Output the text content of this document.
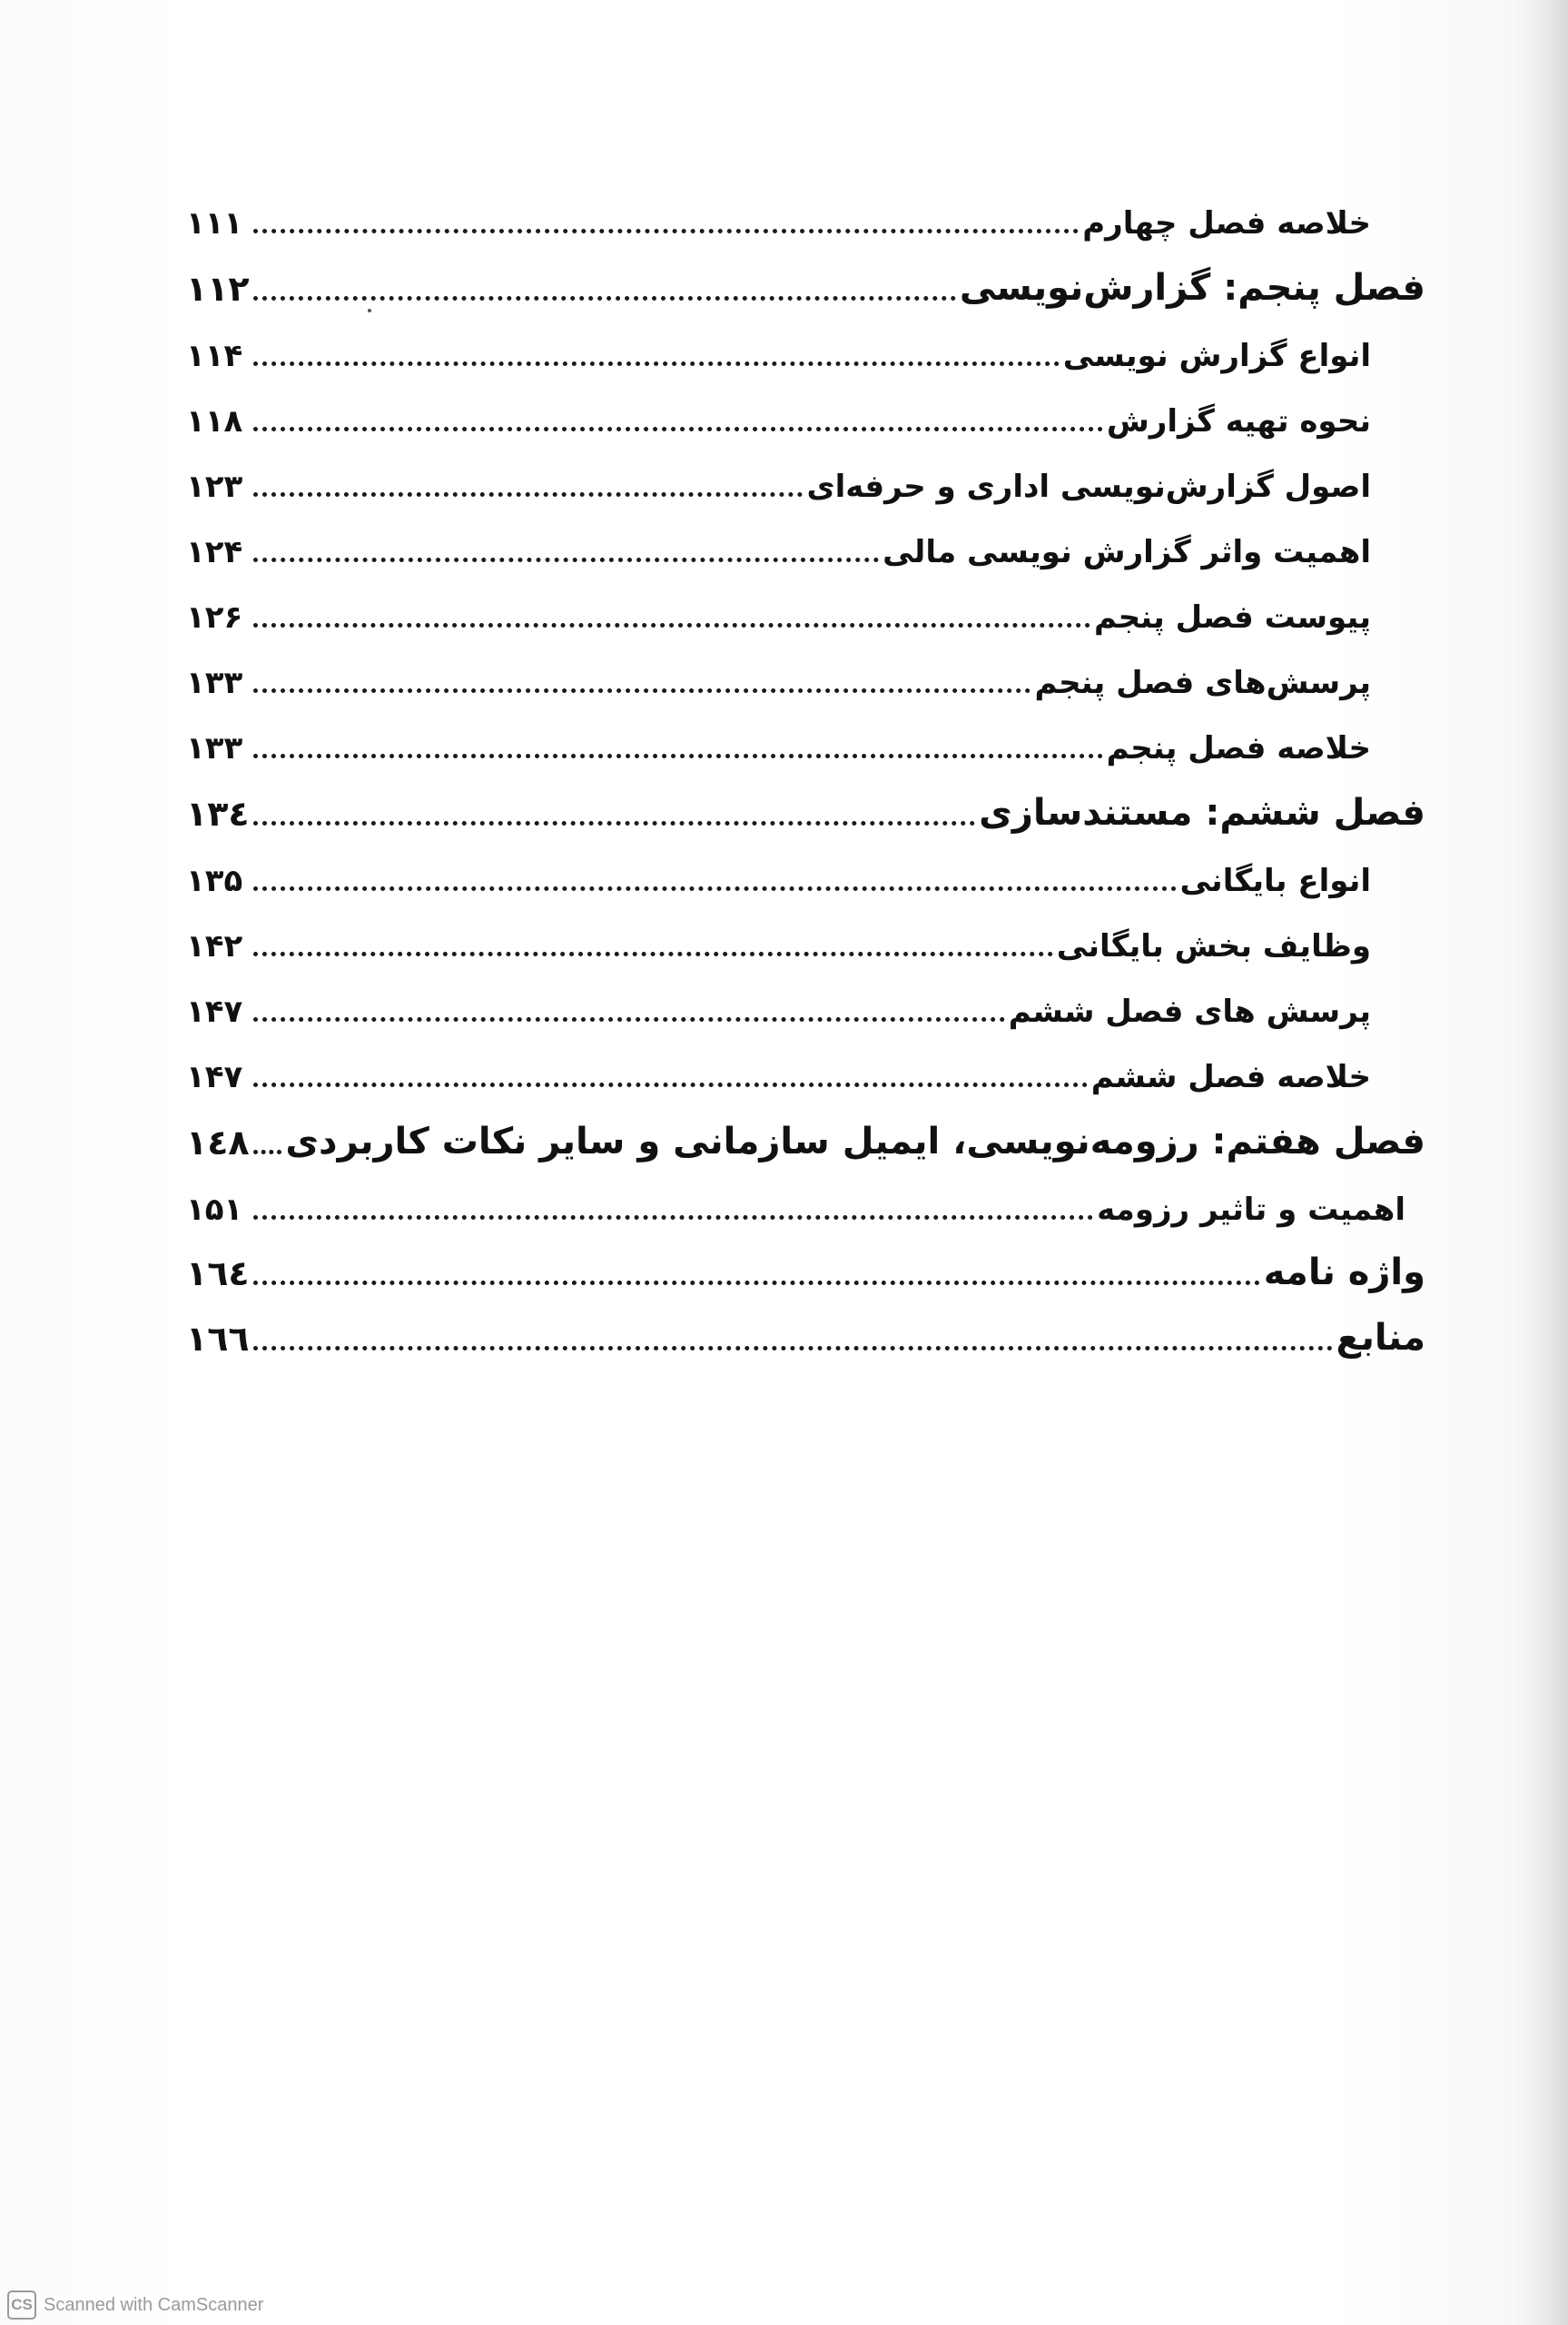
خلاصه فصل چهارم
۱۱۱
فصل پنجم: گزارش‌نویسی
۱۱۲
انواع گزارش نویسی
۱۱۴
نحوه تهیه گزارش
۱۱۸
اصول گزارش‌نویسی اداری و حرفه‌ای
۱۲۳
اهمیت واثر گزارش نویسی مالی
۱۲۴
پیوست فصل پنجم
۱۲۶
پرسش‌های فصل پنجم
۱۳۳
خلاصه فصل پنجم
۱۳۳
فصل ششم: مستندسازی
۱۳٤
انواع بایگانی
۱۳۵
وظایف بخش بایگانی
۱۴۲
پرسش های فصل ششم
۱۴۷
خلاصه فصل ششم
۱۴۷
فصل هفتم: رزومه‌نویسی، ایمیل سازمانی و سایر نکات کاربردی
۱٤۸
اهمیت و تاثیر رزومه
۱۵۱
واژه نامه
۱٦٤
منابع
۱٦٦
CS Scanned with CamScanner
